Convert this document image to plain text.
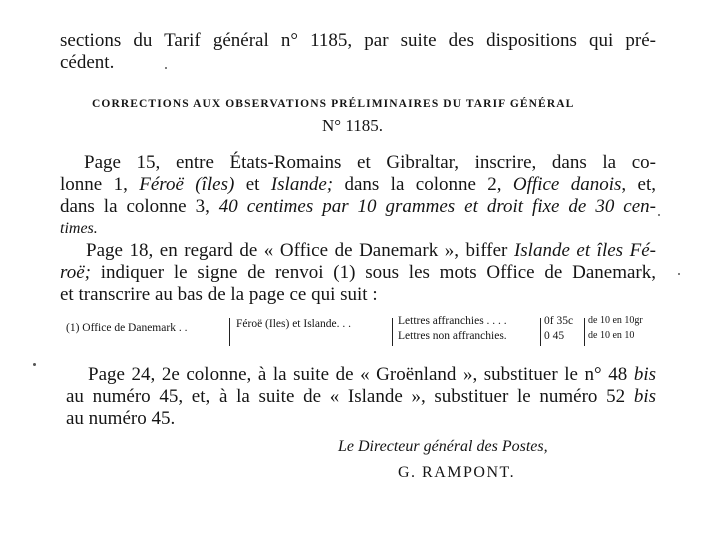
sections du Tarif général n° 1185, par suite des dispositions qui pré-
cédent.
CORRECTIONS AUX OBSERVATIONS PRÉLIMINAIRES DU TARIF GÉNÉRAL
N° 1185.
Page 15, entre États-Romains et Gibraltar, inscrire, dans la co-
lonne 1, Féroë (îles) et Islande; dans la colonne 2, Office danois, et,
dans la colonne 3, 40 centimes par 10 grammes et droit fixe de 30 cen-
times.
Page 18, en regard de « Office de Danemark », biffer Islande et îles Fé-
roë; indiquer le signe de renvoi (1) sous les mots Office de Danemark,
et transcrire au bas de la page ce qui suit :
(1) Office de Danemark . .	Féroë (Iles) et Islande. . .	Lettres affranchies . . . .
Lettres non affranchies.
0f 35c
0 45
de 10 en 10gr
de 10 en 10
Page 24, 2e colonne, à la suite de « Groënland », substituer le n° 48 bis
au numéro 45, et, à la suite de « Islande », substituer le numéro 52 bis
au numéro 45.
Le Directeur général des Postes,
G. RAMPONT.
